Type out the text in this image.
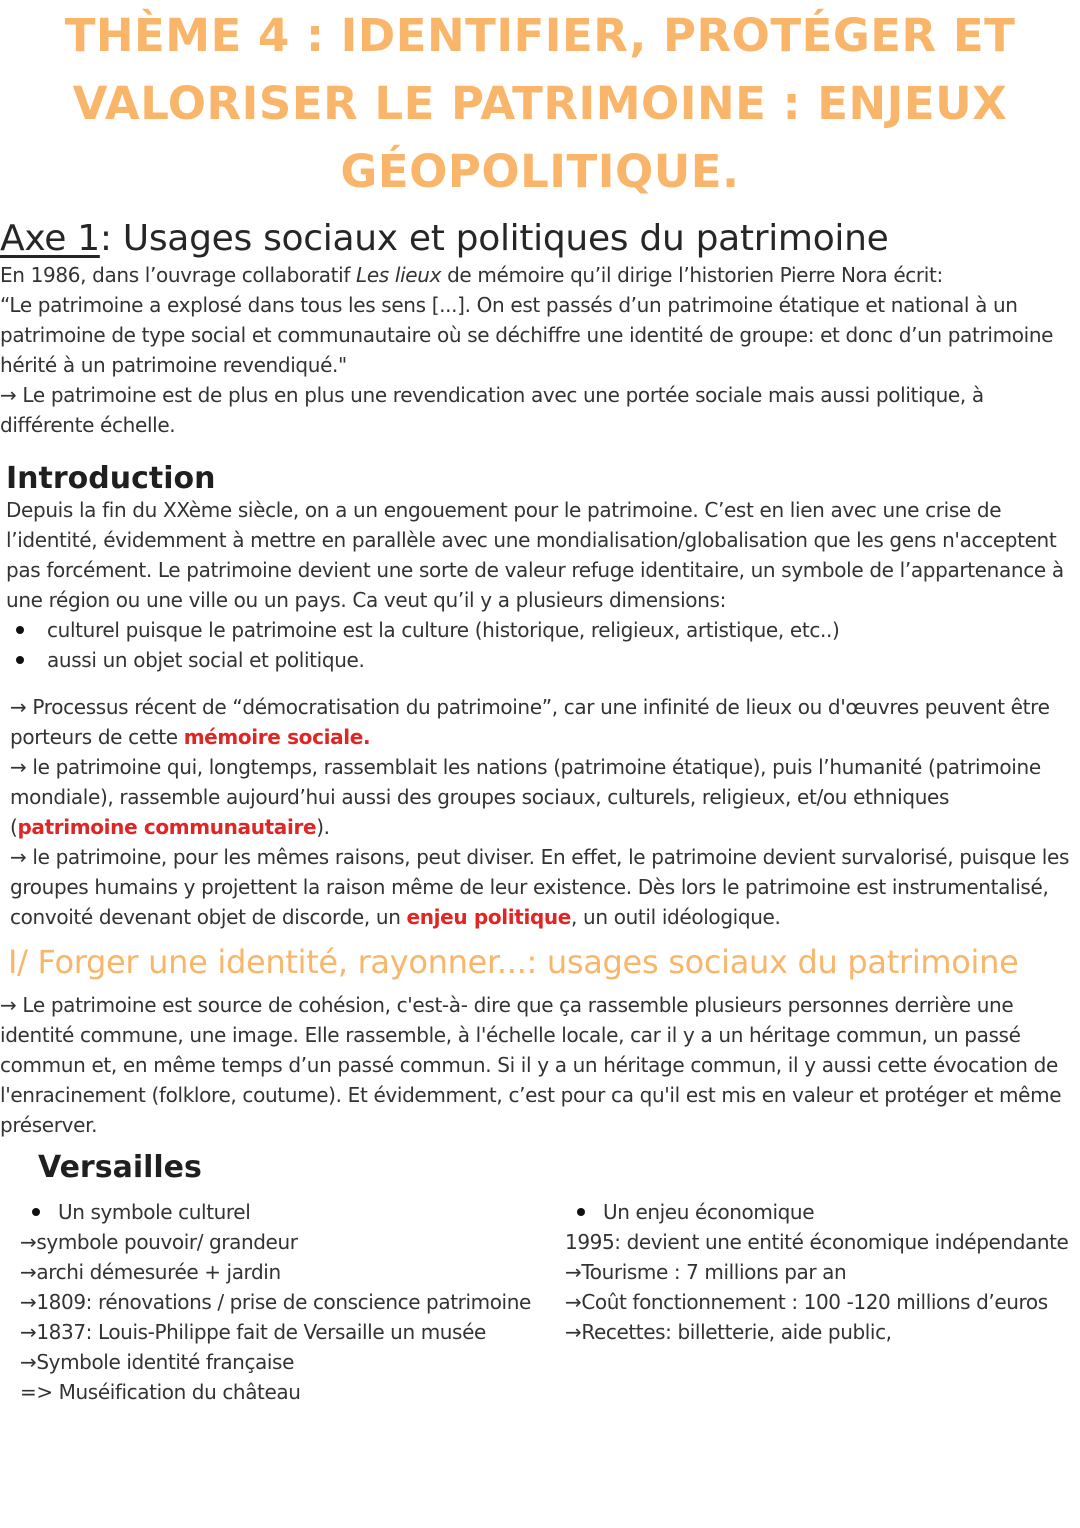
THÈME 4 : IDENTIFIER, PROTÉGER ET
VALORISER LE PATRIMOINE : ENJEUX
GÉOPOLITIQUE.
Axe 1: Usages sociaux et politiques du patrimoine
En 1986, dans l’ouvrage collaboratif Les lieux de mémoire qu’il dirige l’historien Pierre Nora écrit:
“Le patrimoine a explosé dans tous les sens [...]. On est passés d’un patrimoine étatique et national à un
patrimoine de type social et communautaire où se déchiffre une identité de groupe: et donc d’un patrimoine
hérité à un patrimoine revendiqué."
→ Le patrimoine est de plus en plus une revendication avec une portée sociale mais aussi politique, à
différente échelle.
Introduction
Depuis la fin du XXème siècle, on a un engouement pour le patrimoine. C’est en lien avec une crise de
l’identité, évidemment à mettre en parallèle avec une mondialisation/globalisation que les gens n'acceptent
pas forcément. Le patrimoine devient une sorte de valeur refuge identitaire, un symbole de l’appartenance à
une région ou une ville ou un pays. Ca veut qu’il y a plusieurs dimensions:
culturel puisque le patrimoine est la culture (historique, religieux, artistique, etc..)
aussi un objet social et politique.
→ Processus récent de “démocratisation du patrimoine”, car une infinité de lieux ou d'œuvres peuvent être
porteurs de cette mémoire sociale.
→ le patrimoine qui, longtemps, rassemblait les nations (patrimoine étatique), puis l’humanité (patrimoine
mondiale), rassemble aujourd’hui aussi des groupes sociaux, culturels, religieux, et/ou ethniques
(patrimoine communautaire).
→ le patrimoine, pour les mêmes raisons, peut diviser. En effet, le patrimoine devient survalorisé, puisque les
groupes humains y projettent la raison même de leur existence. Dès lors le patrimoine est instrumentalisé,
convoité devenant objet de discorde, un enjeu politique, un outil idéologique.
I/ Forger une identité, rayonner...: usages sociaux du patrimoine
→ Le patrimoine est source de cohésion, c'est-à- dire que ça rassemble plusieurs personnes derrière une
identité commune, une image. Elle rassemble, à l'échelle locale, car il y a un héritage commun, un passé
commun et, en même temps d’un passé commun. Si il y a un héritage commun, il y aussi cette évocation de
l'enracinement (folklore, coutume). Et évidemment, c’est pour ca qu'il est mis en valeur et protéger et même
préserver.
Versailles
Un symbole culturel
→symbole pouvoir/ grandeur
→archi démesurée + jardin
→1809: rénovations / prise de conscience patrimoine
→1837: Louis-Philippe fait de Versaille un musée
→Symbole identité française
=> Muséification du château
Un enjeu économique
1995: devient une entité économique indépendante
→Tourisme : 7 millions par an
→Coût fonctionnement : 100 -120 millions d’euros
→Recettes: billetterie, aide public,
